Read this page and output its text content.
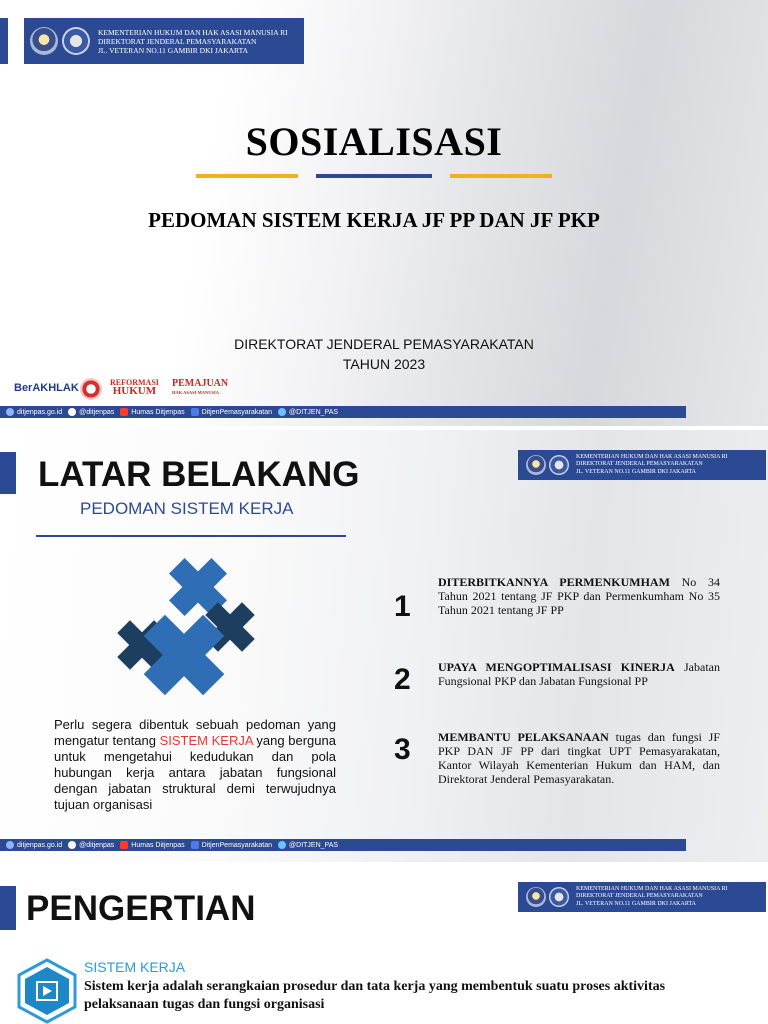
KEMENTERIAN HUKUM DAN HAK ASASI MANUSIA RI
DIREKTORAT JENDERAL PEMASYARAKATAN
JL. VETERAN NO.11 GAMBIR DKI JAKARTA
SOSIALISASI
PEDOMAN SISTEM KERJA JF PP DAN JF PKP
DIREKTORAT JENDERAL PEMASYARAKATAN
TAHUN 2023
BerAKHLAK	REFORMASI
HUKUM
PEMAJUAN
HAK ASASI MANUSIA
ditjenpas.go.id @ditjenpas Humas Ditjenpas DitjenPemasyarakatan @DITJEN_PAS
LATAR BELAKANG
PEDOMAN SISTEM KERJA
KEMENTERIAN HUKUM DAN HAK ASASI MANUSIA RI
DIREKTORAT JENDERAL PEMASYARAKATAN
JL. VETERAN NO.11 GAMBIR DKI JAKARTA
Perlu segera dibentuk sebuah pedoman yang mengatur tentang SISTEM KERJA yang berguna untuk mengetahui kedudukan dan pola hubungan kerja antara jabatan fungsional dengan jabatan struktural demi terwujudnya tujuan organisasi
1
DITERBITKANNYA PERMENKUMHAM No 34 Tahun 2021 tentang JF PKP dan Permenkumham No 35 Tahun 2021 tentang JF PP
2 UPAYA MENGOPTIMALISASI KINERJA Jabatan Fungsional PKP dan Jabatan Fungsional PP
3 MEMBANTU PELAKSANAAN tugas dan fungsi JF PKP DAN JF PP dari tingkat UPT Pemasyarakatan, Kantor Wilayah Kementerian Hukum dan HAM, dan Direktorat Jenderal Pemasyarakatan.
ditjenpas.go.id @ditjenpas Humas Ditjenpas DitjenPemasyarakatan @DITJEN_PAS
PENGERTIAN
KEMENTERIAN HUKUM DAN HAK ASASI MANUSIA RI
DIREKTORAT JENDERAL PEMASYARAKATAN
JL. VETERAN NO.11 GAMBIR DKI JAKARTA
SISTEM KERJA
Sistem kerja adalah serangkaian prosedur dan tata kerja yang membentuk suatu proses aktivitas pelaksanaan tugas dan fungsi organisasi
